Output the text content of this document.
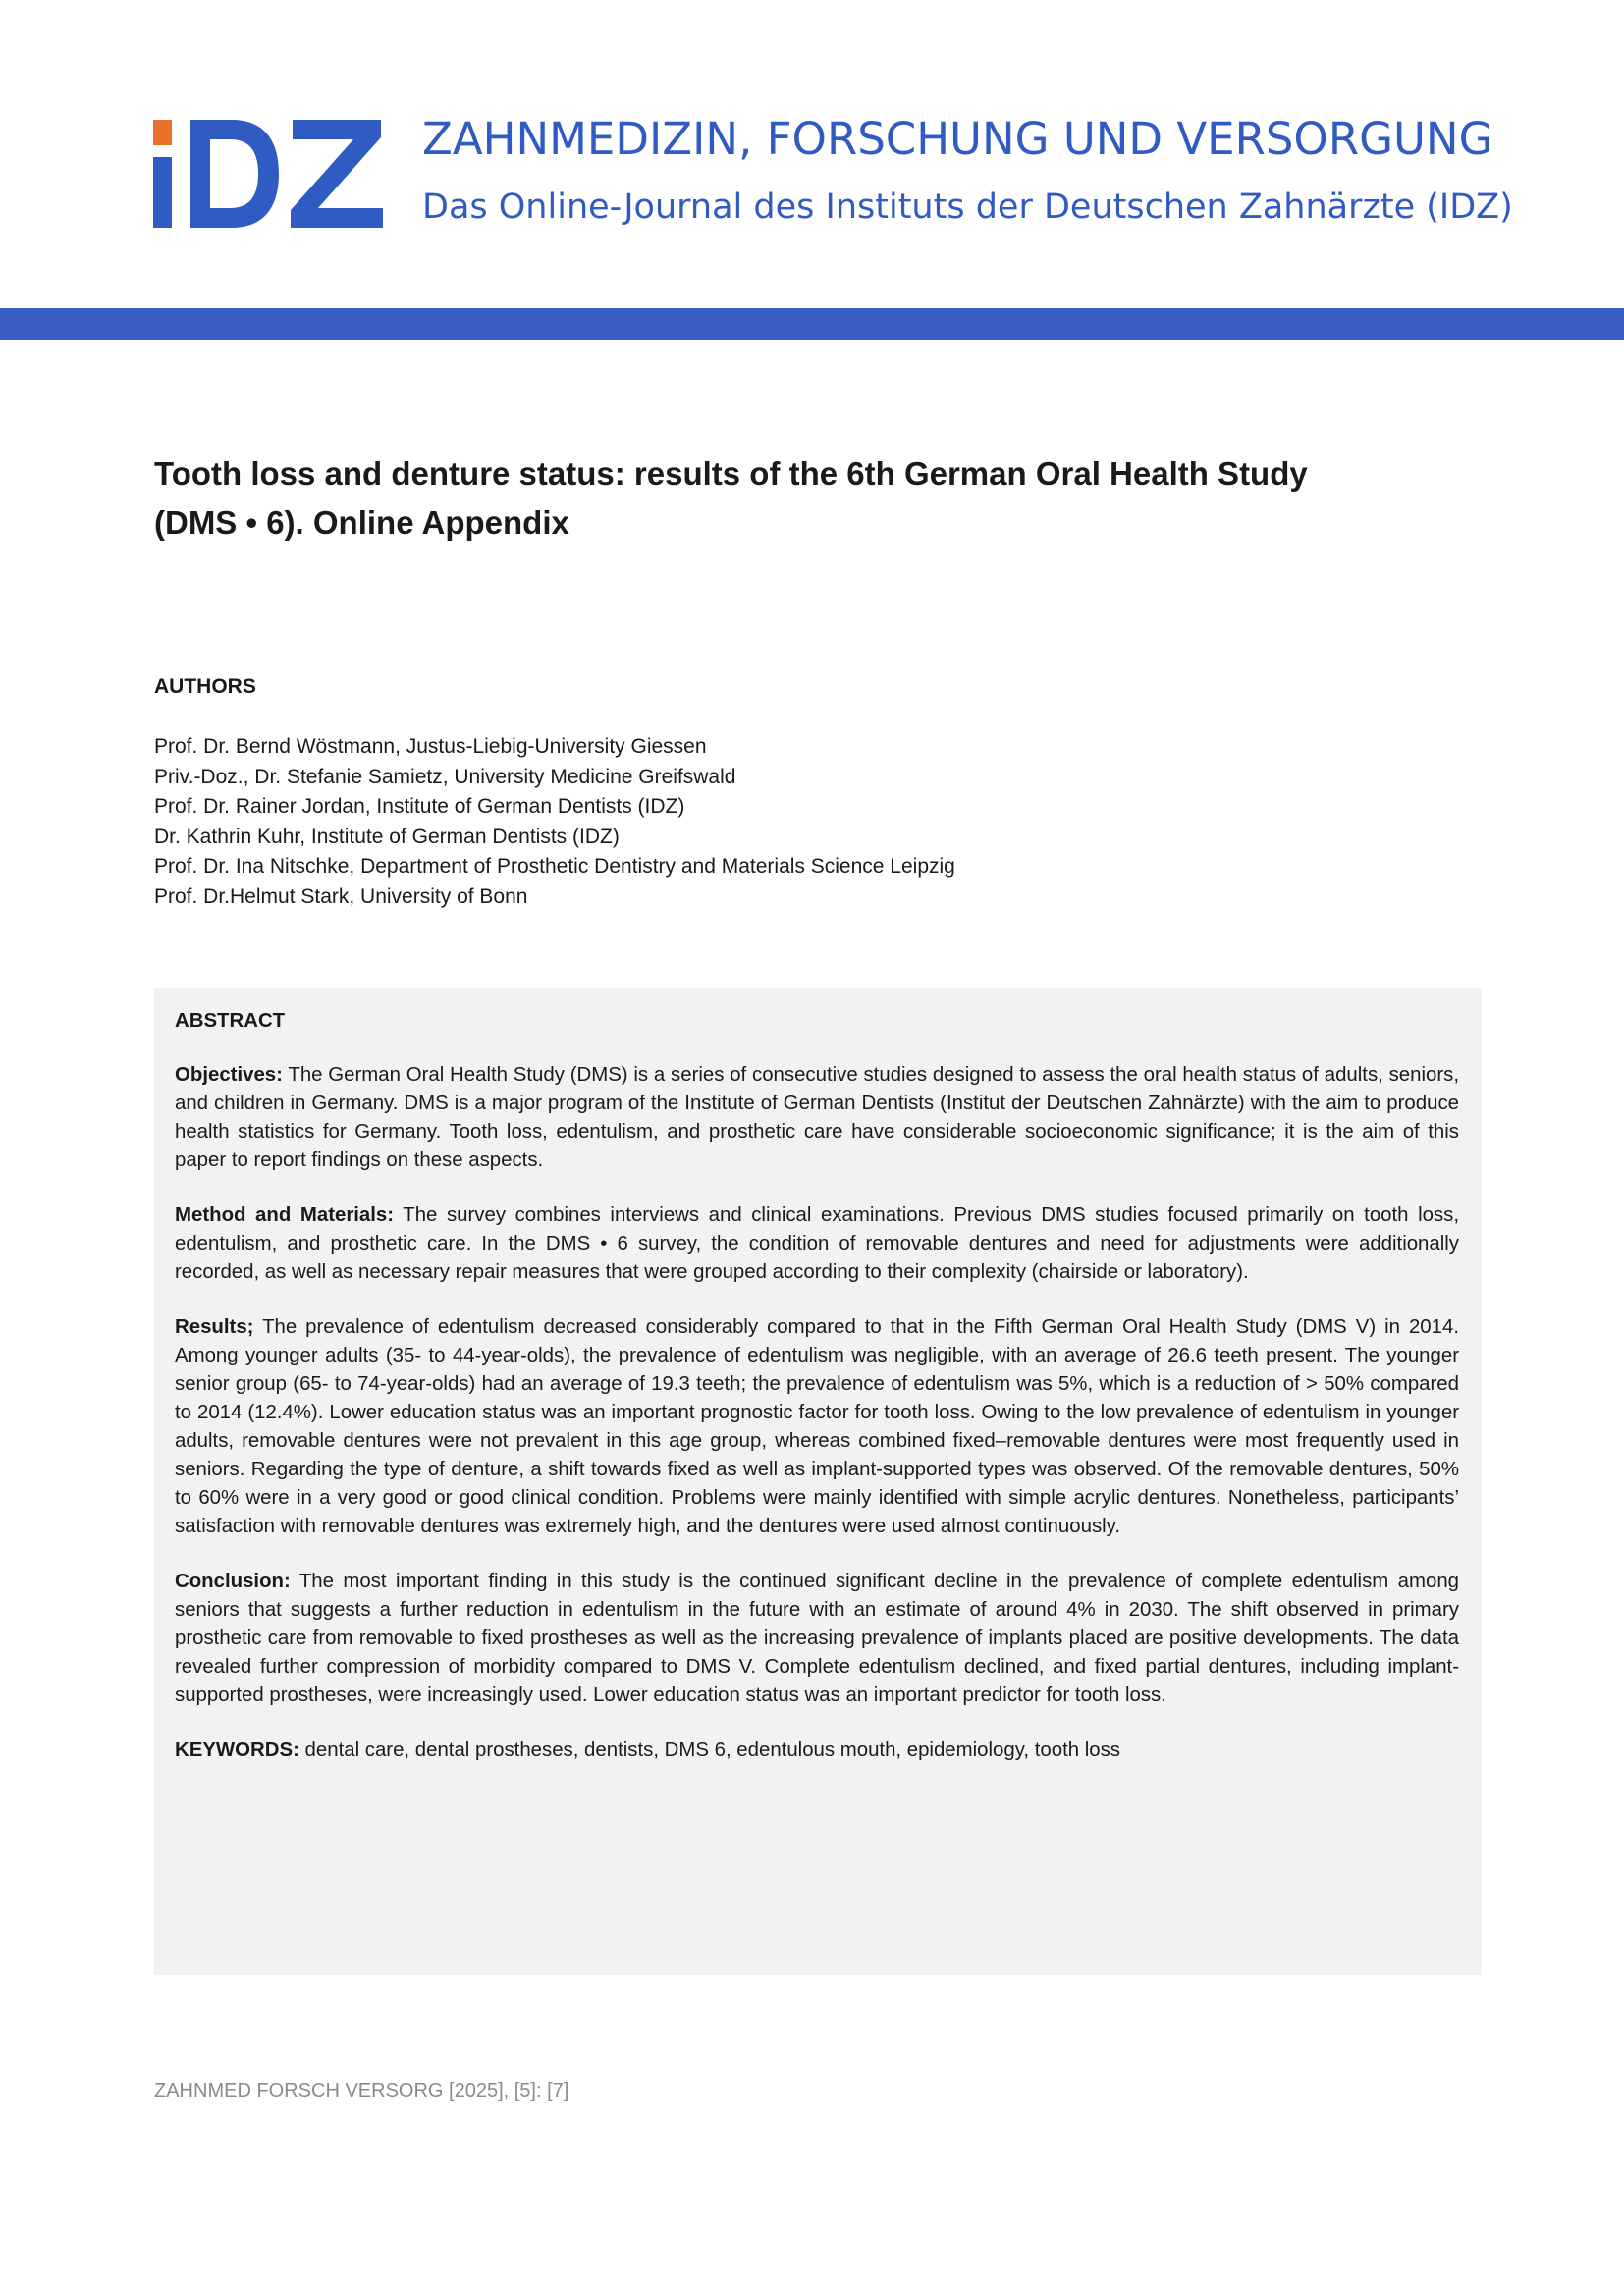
ZAHNMEDIZIN, FORSCHUNG UND VERSORGUNG
Das Online-Journal des Instituts der Deutschen Zahnärzte (IDZ)
Tooth loss and denture status: results of the 6th German Oral Health Study
(DMS • 6). Online Appendix
AUTHORS
Prof. Dr. Bernd Wöstmann, Justus-Liebig-University Giessen
Priv.-Doz., Dr. Stefanie Samietz, University Medicine Greifswald
Prof. Dr. Rainer Jordan, Institute of German Dentists (IDZ)
Dr. Kathrin Kuhr, Institute of German Dentists (IDZ)
Prof. Dr. Ina Nitschke, Department of Prosthetic Dentistry and Materials Science Leipzig
Prof. Dr.Helmut Stark, University of Bonn
ABSTRACT

Objectives: The German Oral Health Study (DMS) is a series of consecutive studies designed to assess the oral health status of adults, seniors, and children in Germany. DMS is a major program of the Institute of German Dentists (Institut der Deutschen Zahnärzte) with the aim to produce health statistics for Germany. Tooth loss, edentulism, and prosthetic care have considerable socioeconomic significance; it is the aim of this paper to report findings on these aspects.

Method and Materials: The survey combines interviews and clinical examinations. Previous DMS studies focused primarily on tooth loss, edentulism, and prosthetic care. In the DMS • 6 survey, the condition of removable dentures and need for adjustments were additionally recorded, as well as necessary repair measures that were grouped according to their complexity (chairside or laboratory).

Results; The prevalence of edentulism decreased considerably compared to that in the Fifth German Oral Health Study (DMS V) in 2014. Among younger adults (35- to 44-year-olds), the prevalence of edentulism was negligible, with an average of 26.6 teeth present. The younger senior group (65- to 74-year-olds) had an average of 19.3 teeth; the prevalence of edentulism was 5%, which is a reduction of > 50% compared to 2014 (12.4%). Lower education status was an important prognostic factor for tooth loss. Owing to the low prevalence of edentulism in younger adults, removable dentures were not prevalent in this age group, whereas combined fixed–removable dentures were most frequently used in seniors. Regarding the type of denture, a shift towards fixed as well as implant-supported types was observed. Of the removable dentures, 50% to 60% were in a very good or good clinical condition. Problems were mainly identified with simple acrylic dentures. Nonetheless, participants’ satisfaction with removable dentures was extremely high, and the dentures were used almost continuously.

Conclusion: The most important finding in this study is the continued significant decline in the prevalence of complete edentulism among seniors that suggests a further reduction in edentulism in the future with an estimate of around 4% in 2030. The shift observed in primary prosthetic care from removable to fixed prostheses as well as the increasing prevalence of implants placed are positive developments. The data revealed further compression of morbidity compared to DMS V. Complete edentulism declined, and fixed partial dentures, including implant-supported prostheses, were increasingly used. Lower education status was an important predictor for tooth loss.

KEYWORDS: dental care, dental prostheses, dentists, DMS 6, edentulous mouth, epidemiology, tooth loss

ZAHNMED FORSCH VERSORG [2025], [5]: [7]
